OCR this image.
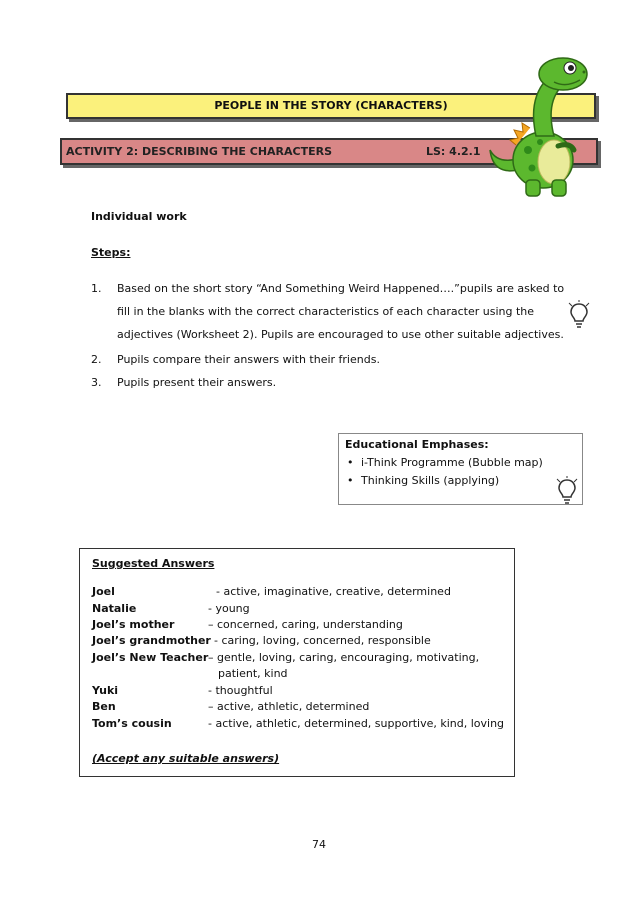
PEOPLE IN THE STORY (CHARACTERS)
ACTIVITY 2: DESCRIBING THE CHARACTERS	LS: 4.2.1
Individual work
Steps:
1. Based on the short story “And Something Weird Happened….”pupils are asked to
fill in the blanks with the correct characteristics of each character using the
adjectives (Worksheet 2). Pupils are encouraged to use other suitable adjectives.
2. Pupils compare their answers with their friends.
3. Pupils present their answers.
Educational Emphases:
• i-Think Programme (Bubble map)
• Thinking Skills (applying)
Suggested Answers
Joel	- active, imaginative, creative, determined
Natalie	- young
Joel’s mother	– concerned, caring, understanding
Joel’s grandmother - caring, loving, concerned, responsible
Joel’s New Teacher – gentle, loving, caring, encouraging, motivating,
patient, kind
Yuki	- thoughtful
Ben	– active, athletic, determined
Tom’s cousin	- active, athletic, determined, supportive, kind, loving
(Accept any suitable answers)
74
